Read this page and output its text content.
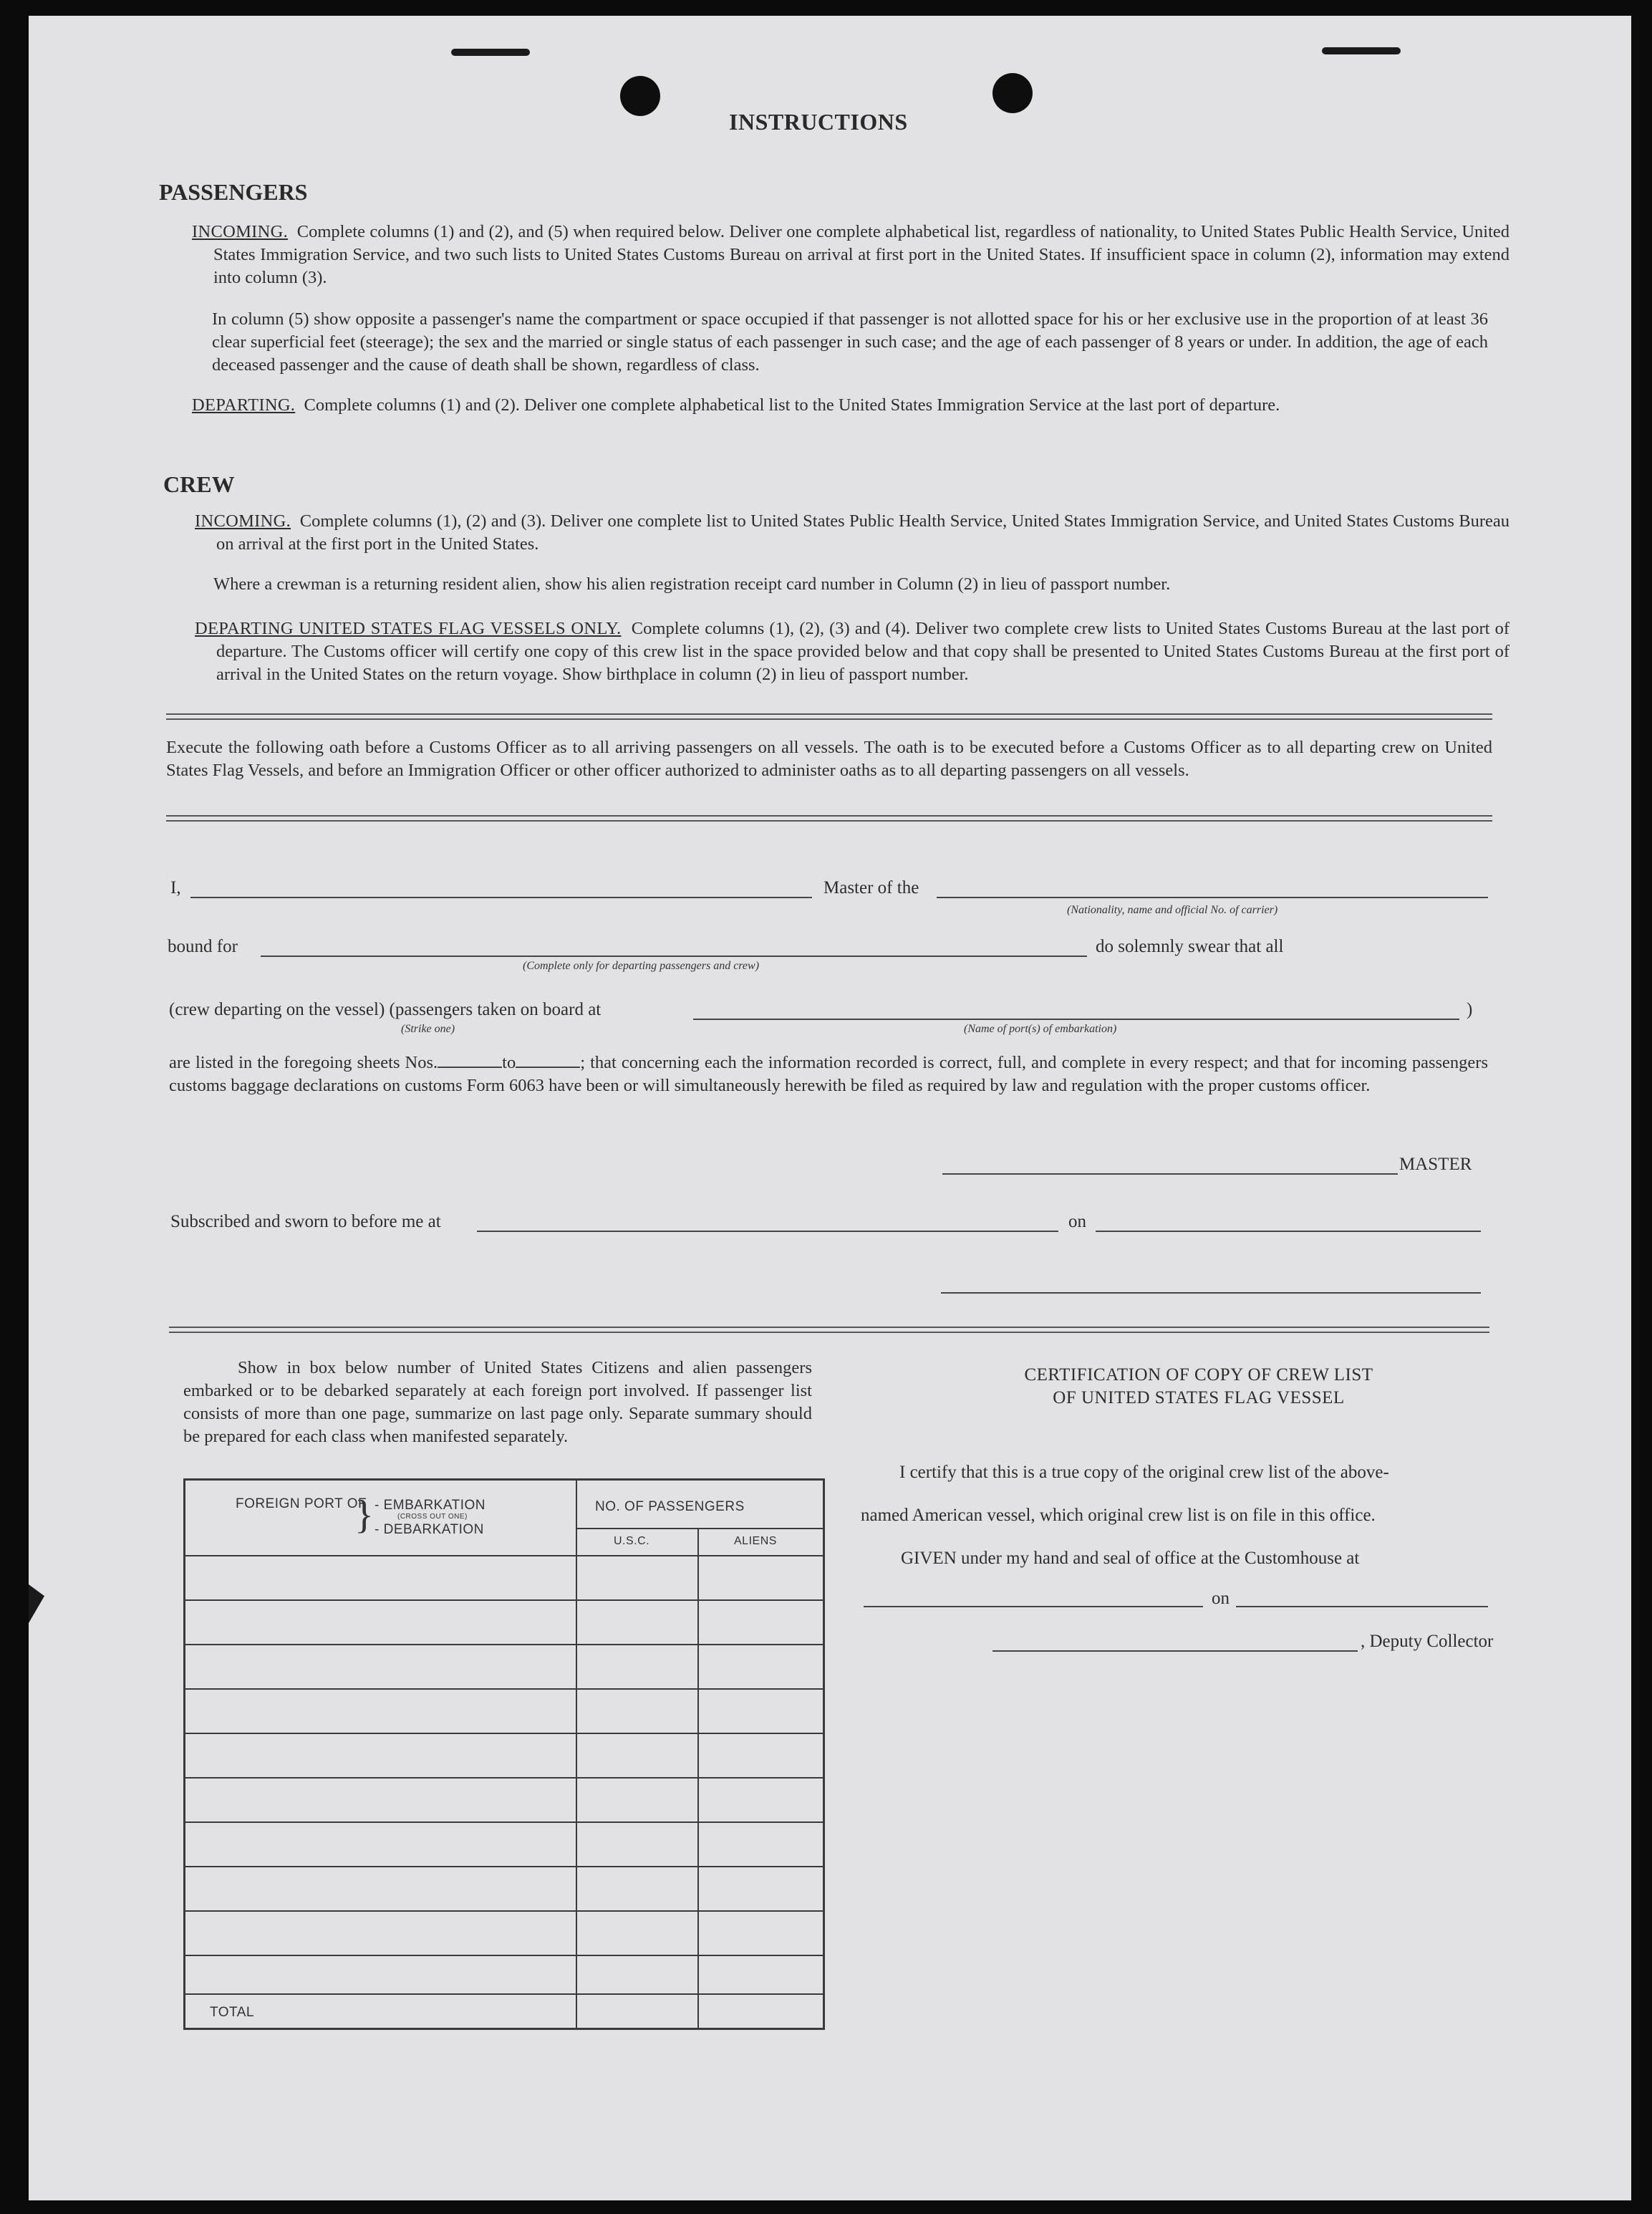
INSTRUCTIONS
PASSENGERS
INCOMING. Complete columns (1) and (2), and (5) when required below. Deliver one complete alphabetical list, regardless of nationality, to United States Public Health Service, United States Immigration Service, and two such lists to United States Customs Bureau on arrival at first port in the United States. If insufficient space in column (2), information may extend into column (3).
In column (5) show opposite a passenger's name the compartment or space occupied if that passenger is not allotted space for his or her exclusive use in the proportion of at least 36 clear superficial feet (steerage); the sex and the married or single status of each passenger in such case; and the age of each passenger of 8 years or under. In addition, the age of each deceased passenger and the cause of death shall be shown, regardless of class.
DEPARTING. Complete columns (1) and (2). Deliver one complete alphabetical list to the United States Immigration Service at the last port of departure.
CREW
INCOMING. Complete columns (1), (2) and (3). Deliver one complete list to United States Public Health Service, United States Immigration Service, and United States Customs Bureau on arrival at the first port in the United States.
Where a crewman is a returning resident alien, show his alien registration receipt card number in Column (2) in lieu of passport number.
DEPARTING UNITED STATES FLAG VESSELS ONLY. Complete columns (1), (2), (3) and (4). Deliver two complete crew lists to United States Customs Bureau at the last port of departure. The Customs officer will certify one copy of this crew list in the space provided below and that copy shall be presented to United States Customs Bureau at the first port of arrival in the United States on the return voyage. Show birthplace in column (2) in lieu of passport number.
Execute the following oath before a Customs Officer as to all arriving passengers on all vessels. The oath is to be executed before a Customs Officer as to all departing crew on United States Flag Vessels, and before an Immigration Officer or other officer authorized to administer oaths as to all departing passengers on all vessels.
I,	Master of the
(Nationality, name and official No. of carrier)
bound for	do solemnly swear that all
(Complete only for departing passengers and crew)
(crew departing on the vessel) (passengers taken on board at	)
(Strike one)	(Name of port(s) of embarkation)
are listed in the foregoing sheets Nos.	to	; that concerning each the information recorded is correct, full, and complete in every respect; and that for incoming passengers customs baggage declarations on customs Form 6063 have been or will simultaneously herewith be filed as required by law and regulation with the proper customs officer.
MASTER
Subscribed and sworn to before me at	on
Show in box below number of United States Citizens and alien passengers embarked or to be debarked separately at each foreign port involved. If passenger list consists of more than one page, summarize on last page only. Separate summary should be prepared for each class when manifested separately.
FOREIGN PORT OF
} - EMBARKATION
(CROSS OUT ONE)
- DEBARKATION
NO. OF PASSENGERS
U.S.C.	ALIENS
TOTAL
CERTIFICATION OF COPY OF CREW LIST
OF UNITED STATES FLAG VESSEL
I certify that this is a true copy of the original crew list of the above-
named American vessel, which original crew list is on file in this office.
GIVEN under my hand and seal of office at the Customhouse at
on
, Deputy Collector
